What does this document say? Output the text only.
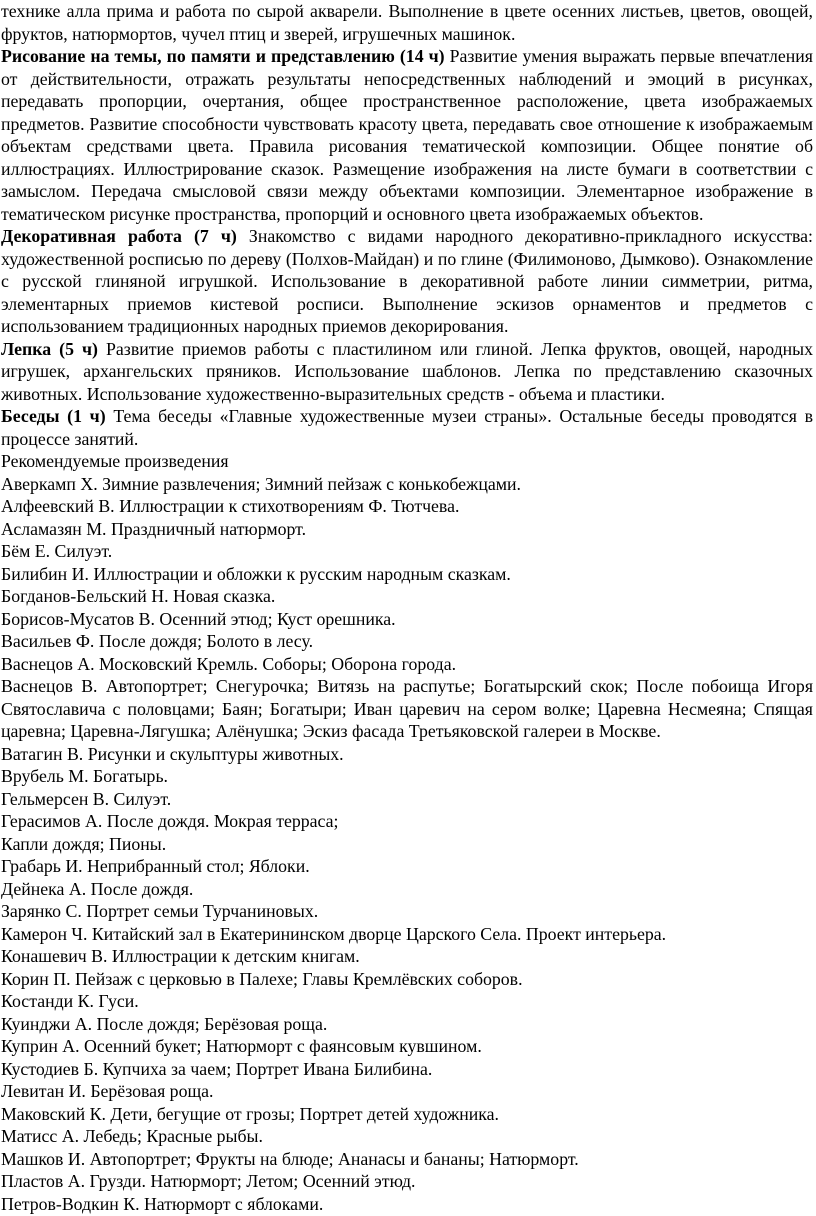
технике алла прима и работа по сырой акварели. Выполнение в цвете осенних листьев, цветов, овощей, фруктов, натюрмортов, чучел птиц и зверей, игрушечных машинок.

Рисование на темы, по памяти и представлению (14 ч) Развитие умения выражать первые впечатления от действительности, отражать результаты непосредственных наблюдений и эмоций в рисунках, передавать пропорции, очертания, общее пространственное расположение, цвета изображаемых предметов. Развитие способности чувствовать красоту цвета, передавать свое отношение к изображаемым объектам средствами цвета. Правила рисования тематической композиции. Общее понятие об иллюстрациях. Иллюстрирование сказок. Размещение изображения на листе бумаги в соответствии с замыслом. Передача смысловой связи между объектами композиции. Элементарное изображение в тематическом рисунке пространства, пропорций и основного цвета изображаемых объектов.

Декоративная работа (7 ч) Знакомство с видами народного декоративно-прикладного искусства: художественной росписью по дереву (Полхов-Майдан) и по глине (Филимоново, Дымково). Ознакомление с русской глиняной игрушкой. Использование в декоративной работе линии симметрии, ритма, элементарных приемов кистевой росписи. Выполнение эскизов орнаментов и предметов с использованием традиционных народных приемов декорирования.

Лепка (5 ч) Развитие приемов работы с пластилином или глиной. Лепка фруктов, овощей, народных игрушек, архангельских пряников. Использование шаблонов. Лепка по представлению сказочных животных. Использование художественно-выразительных средств - объема и пластики.

Беседы (1 ч) Тема беседы «Главные художественные музеи страны». Остальные беседы проводятся в процессе занятий.

Рекомендуемые произведения

Аверкамп Х. Зимние развлечения; Зимний пейзаж с конькобежцами.
Алфеевский В. Иллюстрации к стихотворениям Ф. Тютчева.
Асламазян М. Праздничный натюрморт.
Бём Е. Силуэт.
Билибин И. Иллюстрации и обложки к русским народным сказкам.
Богданов-Бельский Н. Новая сказка.
Борисов-Мусатов В. Осенний этюд; Куст орешника.
Васильев Ф. После дождя; Болото в лесу.
Васнецов А. Московский Кремль. Соборы; Оборона города.
Васнецов В. Автопортрет; Снегурочка; Витязь на распутье; Богатырский скок; После побоища Игоря Святославича с половцами; Баян; Богатыри; Иван царевич на сером волке; Царевна Несмеяна; Спящая царевна; Царевна-Лягушка; Алёнушка; Эскиз фасада Третьяковской галереи в Москве.
Ватагин В. Рисунки и скульптуры животных.
Врубель М. Богатырь.
Гельмерсен В. Силуэт.
Герасимов А. После дождя. Мокрая терраса;
Капли дождя; Пионы.
Грабарь И. Неприбранный стол; Яблоки.
Дейнека А. После дождя.
Зарянко С. Портрет семьи Турчаниновых.
Камерон Ч. Китайский зал в Екатерининском дворце Царского Села. Проект интерьера.
Конашевич В. Иллюстрации к детским книгам.
Корин П. Пейзаж с церковью в Палехе; Главы Кремлёвских соборов.
Костанди К. Гуси.
Куинджи А. После дождя; Берёзовая роща.
Куприн А. Осенний букет; Натюрморт с фаянсовым кувшином.
Кустодиев Б. Купчиха за чаем; Портрет Ивана Билибина.
Левитан И. Берёзовая роща.
Маковский К. Дети, бегущие от грозы; Портрет детей художника.
Матисс А. Лебедь; Красные рыбы.
Машков И. Автопортрет; Фрукты на блюде; Ананасы и бананы; Натюрморт.
Пластов А. Грузди. Натюрморт; Летом; Осенний этюд.
Петров-Водкин К. Натюрморт с яблоками.
